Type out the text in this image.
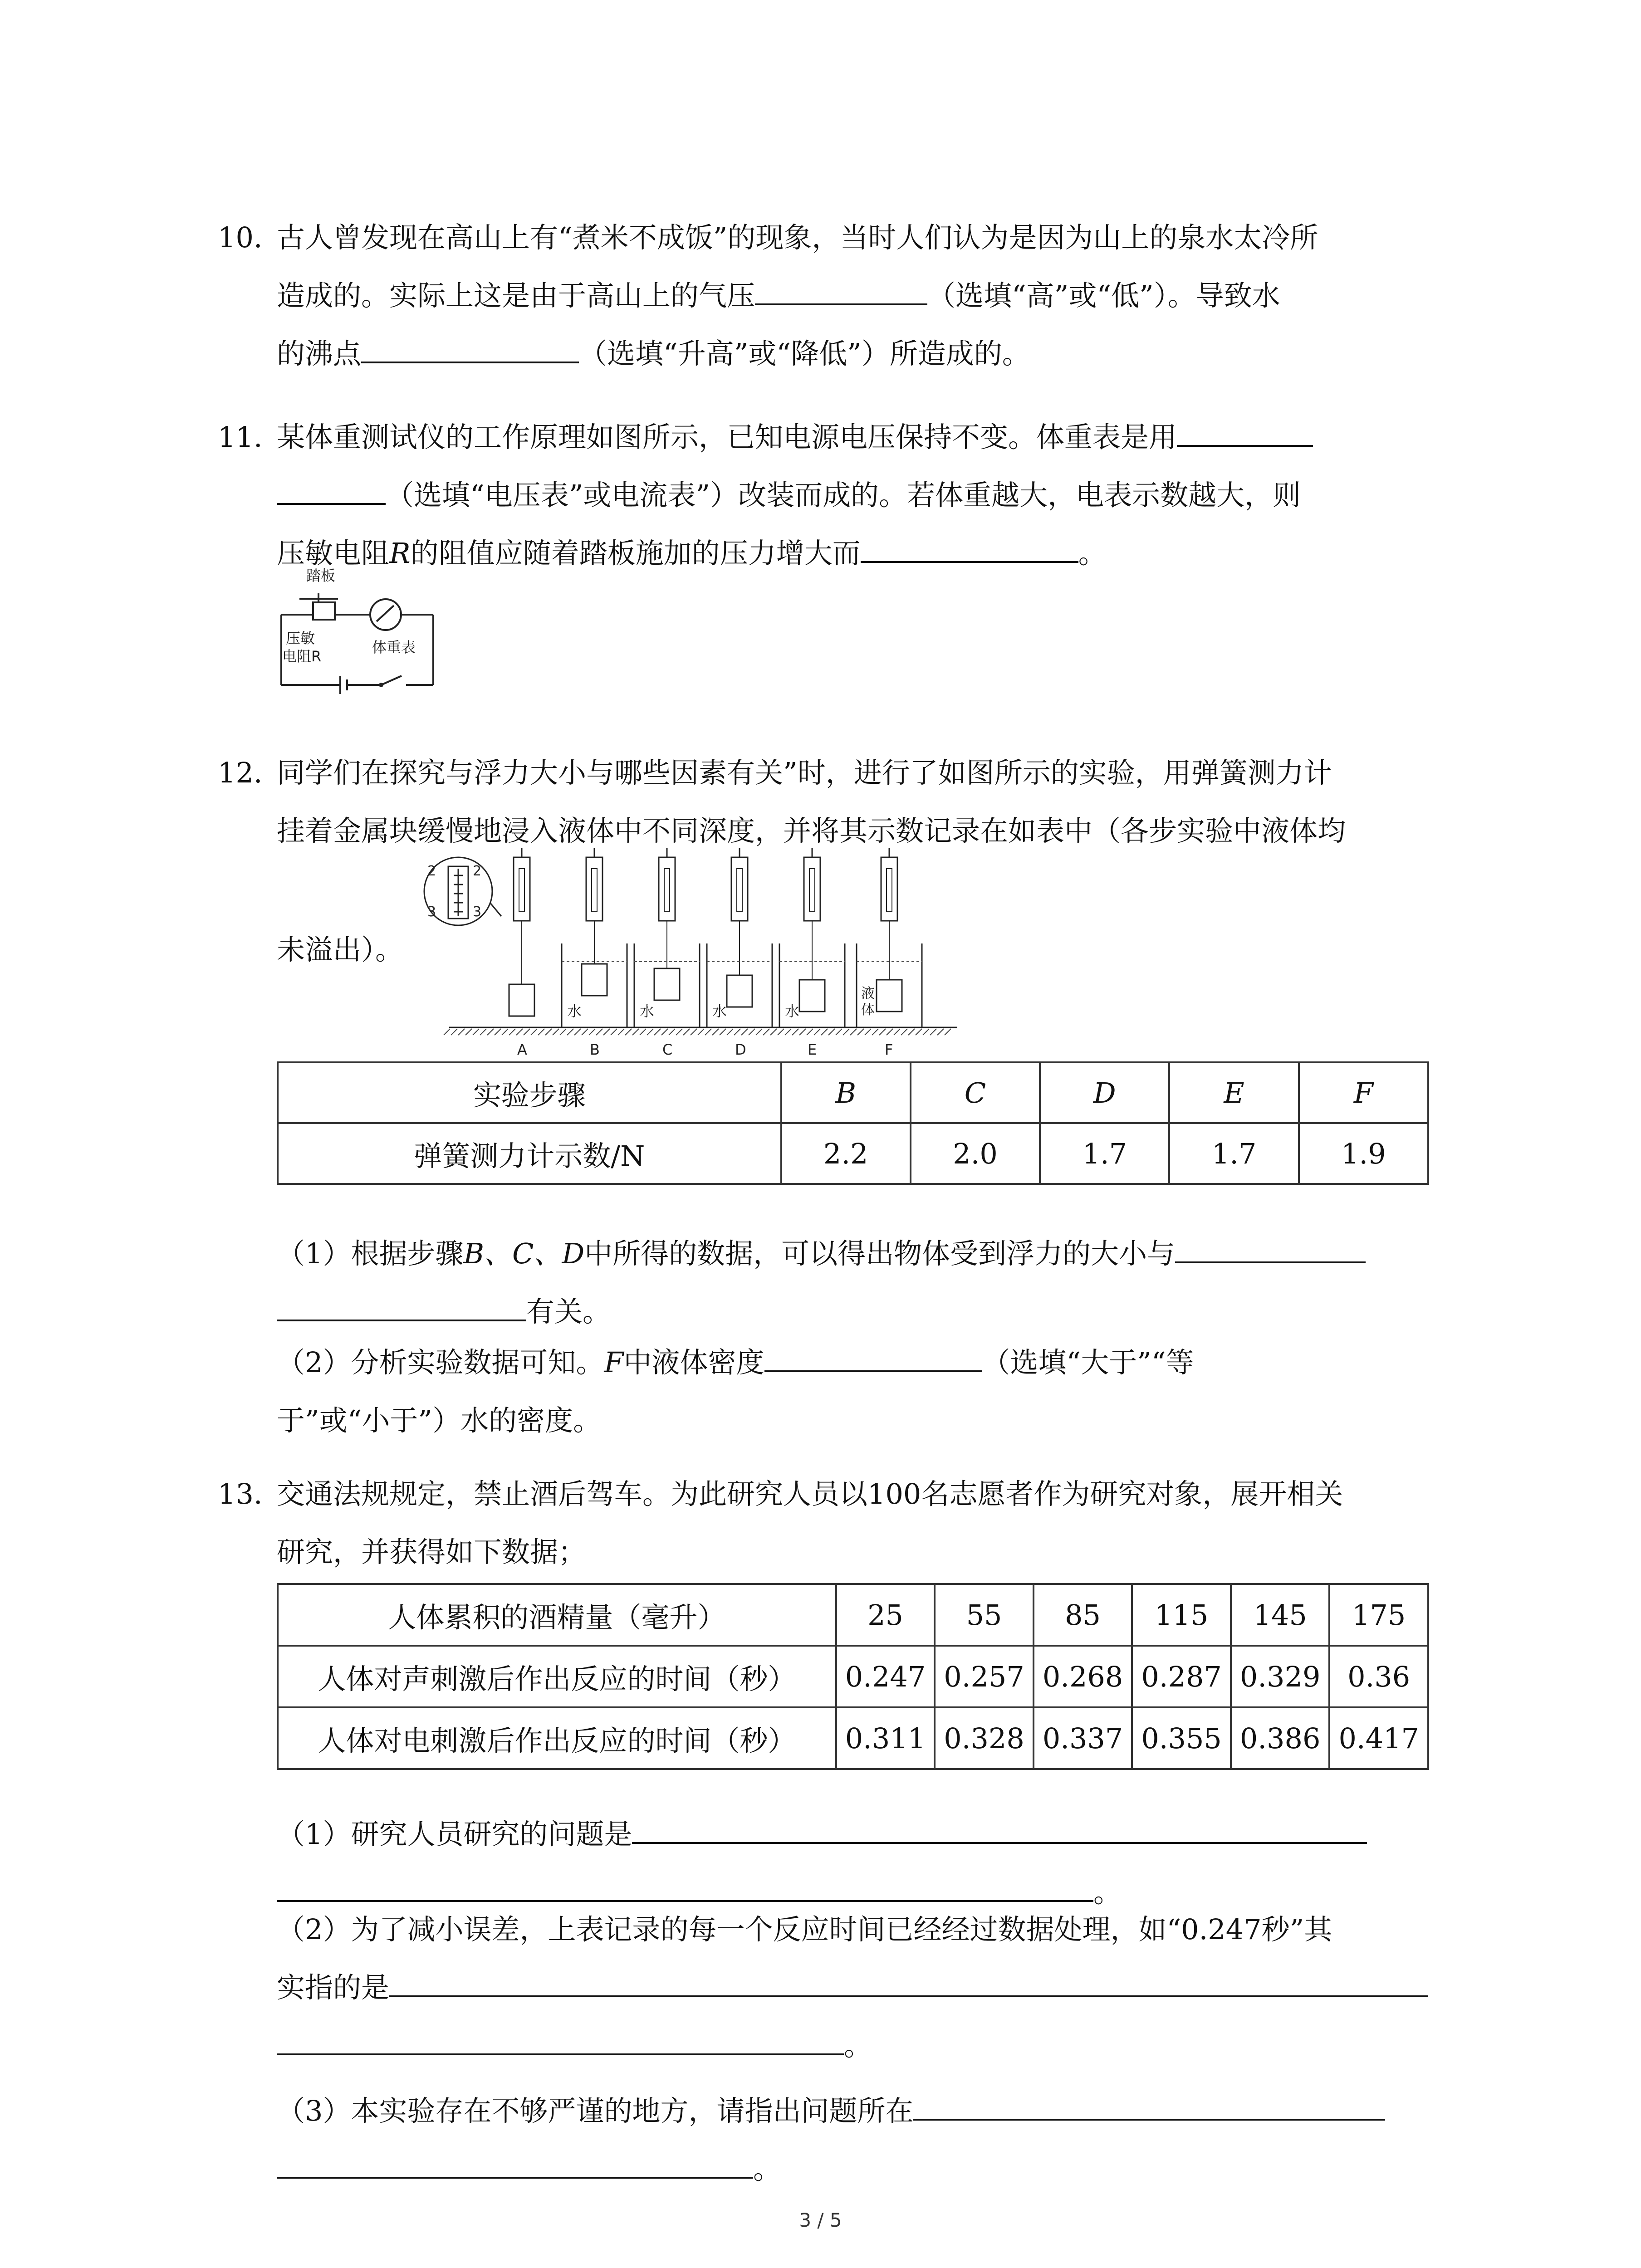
10. 古人曾发现在高山上有“煮米不成饭”的现象，当时人们认为是因为山上的泉水太冷所
造成的。实际上这是由于高山上的气压	（选填“高”或“低”）。导致水
的沸点	（选填“升高”或“降低”）所造成的。
11. 某体重测试仪的工作原理如图所示，已知电源电压保持不变。体重表是用
（选填“电压表”或电流表”）改装而成的。若体重越大，电表示数越大，则
压敏电阻R的阻值应随着踏板施加的压力增大而	。
踏板
压敏
电阻R
体重表
12. 同学们在探究与浮力大小与哪些因素有关”时，进行了如图所示的实验，用弹簧测力计
挂着金属块缓慢地浸入液体中不同深度，并将其示数记录在如表中（各步实验中液体均
未溢出）。
2
3
2
3
A
水
B
水
C
水
D
水
E
液
体
F
实验步骤	B	C	D	E	F
弹簧测力计示数/N	2.2	2.0	1.7	1.7	1.9
（1）根据步骤B、C、D中所得的数据，可以得出物体受到浮力的大小与
有关。
（2）分析实验数据可知。F中液体密度	（选填“大于”“等
于”或“小于”）水的密度。
13. 交通法规规定，禁止酒后驾车。为此研究人员以100名志愿者作为研究对象，展开相关
研究，并获得如下数据；
人体累积的酒精量（毫升）	25	55	85	115	145	175
人体对声刺激后作出反应的时间（秒）	0.247	0.257	0.268	0.287	0.329	0.36
人体对电刺激后作出反应的时间（秒）	0.311	0.328	0.337	0.355	0.386	0.417
（1）研究人员研究的问题是
。
（2）为了减小误差，上表记录的每一个反应时间已经经过数据处理，如“0.247秒”其
实指的是
。
（3）本实验存在不够严谨的地方，请指出问题所在
。
3 / 5
